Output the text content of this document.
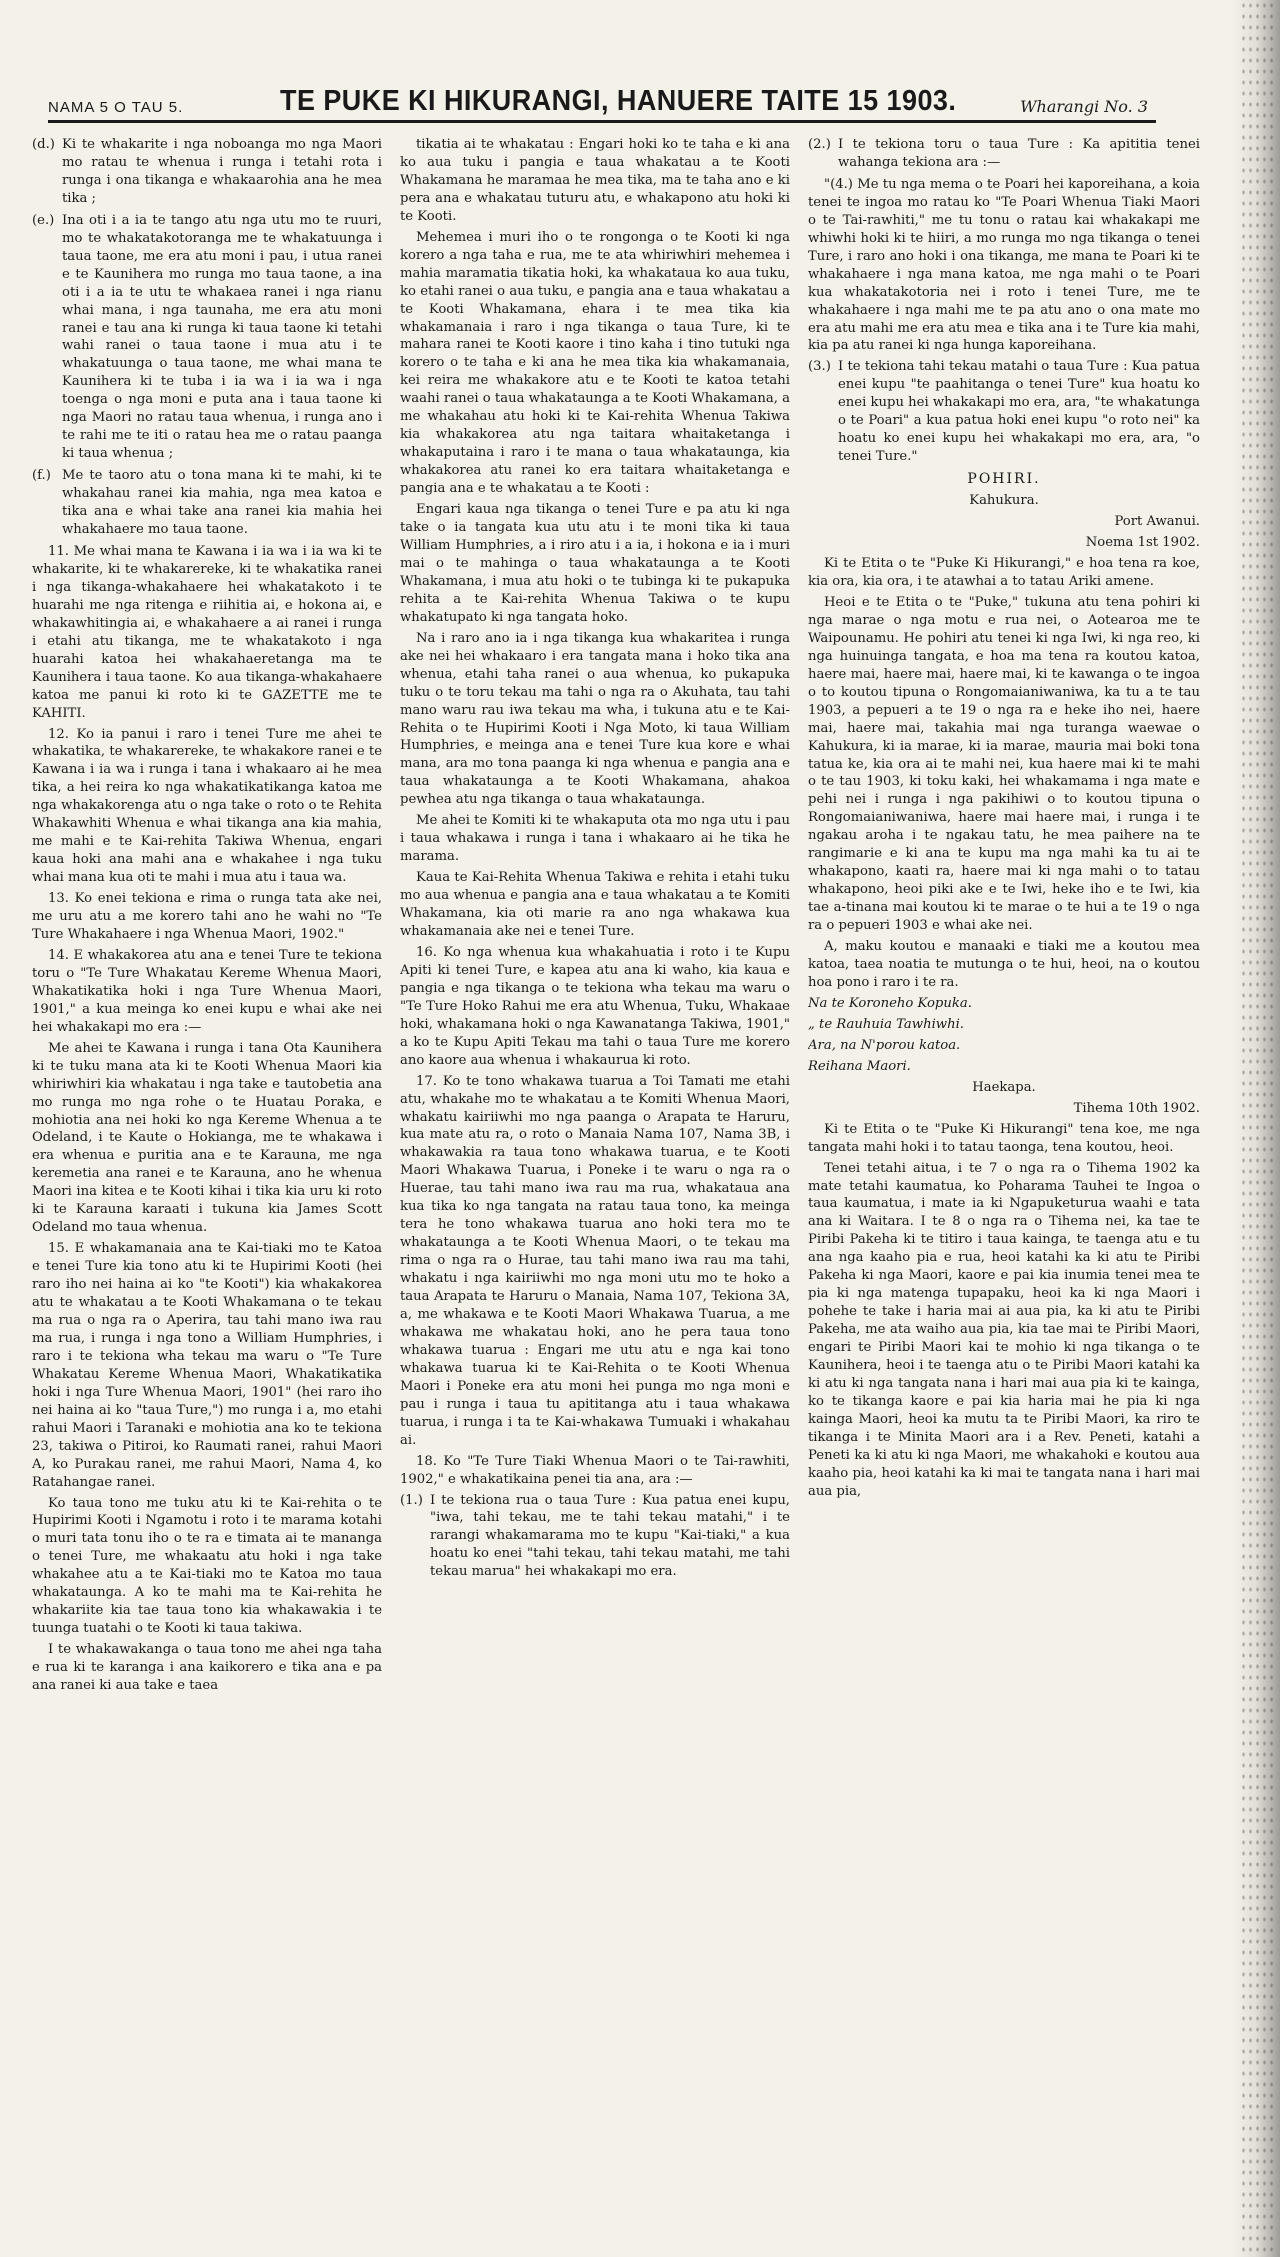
NAMA 5 O TAU 5.	TE PUKE KI HIKURANGI, HANUERE TAITE 15 1903.	Wharangi No. 3
(d.) Ki te whakarite i nga noboanga mo nga Maori mo ratau te whenua i runga i tetahi rota i runga i ona tikanga e whakaarohia ana he mea tika ;
(e.) Ina oti i a ia te tango atu nga utu mo te ruuri, mo te whakatakotoranga me te whakatuunga i taua taone, me era atu moni i pau, i utua ranei e te Kaunihera mo runga mo taua taone, a ina oti i a ia te utu te whakaea ranei i nga rianu whai mana, i nga taunaha, me era atu moni ranei e tau ana ki runga ki taua taone ki tetahi wahi ranei o taua taone i mua atu i te whakatuunga o taua taone, me whai mana te Kaunihera ki te tuba i ia wa i ia wa i nga toenga o nga moni e puta ana i taua taone ki nga Maori no ratau taua whenua, i runga ano i te rahi me te iti o ratau hea me o ratau paanga ki taua whenua ;
(f.) Me te taoro atu o tona mana ki te mahi, ki te whakahau ranei kia mahia, nga mea katoa e tika ana e whai take ana ranei kia mahia hei whakahaere mo taua taone.

11. Me whai mana te Kawana i ia wa i ia wa ki te whakarite, ki te whakarereke, ki te whakatika ranei i nga tikanga-whakahaere hei whakatakoto i te huarahi me nga ritenga e riihitia ai, e hokona ai, e whakawhitingia ai, e whakahaere a ai ranei i runga i etahi atu tikanga, me te whakatakoto i nga huarahi katoa hei whakahaeretanga ma te Kaunihera i taua taone. Ko aua tikanga-whakahaere katoa me panui ki roto ki te GAZETTE me te KAHITI.

12. Ko ia panui i raro i tenei Ture me ahei te whakatika, te whakarereke, te whakakore ranei e te Kawana i ia wa i runga i tana i whakaaro ai he mea tika, a hei reira ko nga whakatikatikanga katoa me nga whakakorenga atu o nga take o roto o te Rehita Whakawhiti Whenua e whai tikanga ana kia mahia, me mahi e te Kai-rehita Takiwa Whenua, engari kaua hoki ana mahi ana e whakahee i nga tuku whai mana kua oti te mahi i mua atu i taua wa.

13. Ko enei tekiona e rima o runga tata ake nei, me uru atu a me korero tahi ano he wahi no "Te Ture Whakahaere i nga Whenua Maori, 1902."

14. E whakakorea atu ana e tenei Ture te tekiona toru o "Te Ture Whakatau Kereme Whenua Maori, Whakatikatika hoki i nga Ture Whenua Maori, 1901," a kua meinga ko enei kupu e whai ake nei hei whakakapi mo era :—

Me ahei te Kawana i runga i tana Ota Kaunihera ki te tuku mana ata ki te Kooti Whenua Maori kia whiriwhiri kia whakatau i nga take e tautobetia ana mo runga mo nga rohe o te Huatau Poraka, e mohiotia ana nei hoki ko nga Kereme Whenua a te Odeland, i te Kaute o Hokianga, me te whakawa i era whenua e puritia ana e te Karauna, me nga keremetia ana ranei e te Karauna, ano he whenua Maori ina kitea e te Kooti kihai i tika kia uru ki roto ki te Karauna karaati i tukuna kia James Scott Odeland mo taua whenua.

15. E whakamanaia ana te Kai-tiaki mo te Katoa e tenei Ture kia tono atu ki te Hupirimi Kooti (hei raro iho nei haina ai ko "te Kooti") kia whakakorea atu te whakatau a te Kooti Whakamana o te tekau ma rua o nga ra o Aperira, tau tahi mano iwa rau ma rua, i runga i nga tono a William Humphries, i raro i te tekiona wha tekau ma waru o "Te Ture Whakatau Kereme Whenua Maori, Whakatikatika hoki i nga Ture Whenua Maori, 1901" (hei raro iho nei haina ai ko "taua Ture,") mo runga i a, mo etahi rahui Maori i Taranaki e mohiotia ana ko te tekiona 23, takiwa o Pitiroi, ko Raumati ranei, rahui Maori A, ko Purakau ranei, me rahui Maori, Nama 4, ko Ratahangae ranei.

Ko taua tono me tuku atu ki te Kai-rehita o te Hupirimi Kooti i Ngamotu i roto i te marama kotahi o muri tata tonu iho o te ra e timata ai te mananga o tenei Ture, me whakaatu atu hoki i nga take whakahee atu a te Kai-tiaki mo te Katoa mo taua whakataunga. A ko te mahi ma te Kai-rehita he whakariite kia tae taua tono kia whakawakia i te tuunga tuatahi o te Kooti ki taua takiwa.

I te whakawakanga o taua tono me ahei nga taha e rua ki te karanga i ana kaikorero e tika ana e pa ana ranei ki aua take e taea

tikatia ai te whakatau : Engari hoki ko te taha e ki ana ko aua tuku i pangia e taua whakatau a te Kooti Whakamana he maramaa he mea tika, ma te taha ano e ki pera ana e whakatau tuturu atu, e whakapono atu hoki ki te Kooti.

Mehemea i muri iho o te rongonga o te Kooti ki nga korero a nga taha e rua, me te ata whiriwhiri mehemea i mahia maramatia tikatia hoki, ka whakataua ko aua tuku, ko etahi ranei o aua tuku, e pangia ana e taua whakatau a te Kooti Whakamana, ehara i te mea tika kia whakamanaia i raro i nga tikanga o taua Ture, ki te mahara ranei te Kooti kaore i tino kaha i tino tutuki nga korero o te taha e ki ana he mea tika kia whakamanaia, kei reira me whakakore atu e te Kooti te katoa tetahi waahi ranei o taua whakataunga a te Kooti Whakamana, a me whakahau atu hoki ki te Kai-rehita Whenua Takiwa kia whakakorea atu nga taitara whaitaketanga i whakaputaina i raro i te mana o taua whakataunga, kia whakakorea atu ranei ko era taitara whaitaketanga e pangia ana e te whakatau a te Kooti :

Engari kaua nga tikanga o tenei Ture e pa atu ki nga take o ia tangata kua utu atu i te moni tika ki taua William Humphries, a i riro atu i a ia, i hokona e ia i muri mai o te mahinga o taua whakataunga a te Kooti Whakamana, i mua atu hoki o te tubinga ki te pukapuka rehita a te Kai-rehita Whenua Takiwa o te kupu whakatupato ki nga tangata hoko.

Na i raro ano ia i nga tikanga kua whakaritea i runga ake nei hei whakaaro i era tangata mana i hoko tika ana whenua, etahi taha ranei o aua whenua, ko pukapuka tuku o te toru tekau ma tahi o nga ra o Akuhata, tau tahi mano waru rau iwa tekau ma wha, i tukuna atu e te Kai-Rehita o te Hupirimi Kooti i Nga Moto, ki taua William Humphries, e meinga ana e tenei Ture kua kore e whai mana, ara mo tona paanga ki nga whenua e pangia ana e taua whakataunga a te Kooti Whakamana, ahakoa pewhea atu nga tikanga o taua whakataunga.

Me ahei te Komiti ki te whakaputa ota mo nga utu i pau i taua whakawa i runga i tana i whakaaro ai he tika he marama.

Kaua te Kai-Rehita Whenua Takiwa e rehita i etahi tuku mo aua whenua e pangia ana e taua whakatau a te Komiti Whakamana, kia oti marie ra ano nga whakawa kua whakamanaia ake nei e tenei Ture.

16. Ko nga whenua kua whakahuatia i roto i te Kupu Apiti ki tenei Ture, e kapea atu ana ki waho, kia kaua e pangia e nga tikanga o te tekiona wha tekau ma waru o "Te Ture Hoko Rahui me era atu Whenua, Tuku, Whakaae hoki, whakamana hoki o nga Kawanatanga Takiwa, 1901," a ko te Kupu Apiti Tekau ma tahi o taua Ture me korero ano kaore aua whenua i whakaurua ki roto.

17. Ko te tono whakawa tuarua a Toi Tamati me etahi atu, whakahe mo te whakatau a te Komiti Whenua Maori, whakatu kairiiwhi mo nga paanga o Arapata te Haruru, kua mate atu ra, o roto o Manaia Nama 107, Nama 3B, i whakawakia ra taua tono whakawa tuarua, e te Kooti Maori Whakawa Tuarua, i Poneke i te waru o nga ra o Huerae, tau tahi mano iwa rau ma rua, whakataua ana kua tika ko nga tangata na ratau taua tono, ka meinga tera he tono whakawa tuarua ano hoki tera mo te whakataunga a te Kooti Whenua Maori, o te tekau ma rima o nga ra o Hurae, tau tahi mano iwa rau ma tahi, whakatu i nga kairiiwhi mo nga moni utu mo te hoko a taua Arapata te Haruru o Manaia, Nama 107, Tekiona 3A, a, me whakawa e te Kooti Maori Whakawa Tuarua, a me whakawa me whakatau hoki, ano he pera taua tono whakawa tuarua : Engari me utu atu e nga kai tono whakawa tuarua ki te Kai-Rehita o te Kooti Whenua Maori i Poneke era atu moni hei punga mo nga moni e pau i runga i taua tu apititanga atu i taua whakawa tuarua, i runga i ta te Kai-whakawa Tumuaki i whakahau ai.

18. Ko "Te Ture Tiaki Whenua Maori o te Tai-rawhiti, 1902," e whakatikaina penei tia ana, ara :—

(1.) I te tekiona rua o taua Ture : Kua patua enei kupu, "iwa, tahi tekau, me te tahi tekau matahi," i te rarangi whakamarama mo te kupu "Kai-tiaki," a kua hoatu ko enei "tahi tekau, tahi tekau matahi, me tahi tekau marua" hei whakakapi mo era.
(2.) I te tekiona toru o taua Ture : Ka apititia tenei wahanga tekiona ara :—

"(4.) Me tu nga mema o te Poari hei kaporeihana, a koia tenei te ingoa mo ratau ko "Te Poari Whenua Tiaki Maori o te Tai-rawhiti," me tu tonu o ratau kai whakakapi me whiwhi hoki ki te hiiri, a mo runga mo nga tikanga o tenei Ture, i raro ano hoki i ona tikanga, me mana te Poari ki te whakahaere i nga mana katoa, me nga mahi o te Poari kua whakatakotoria nei i roto i tenei Ture, me te whakahaere i nga mahi me te pa atu ano o ona mate mo era atu mahi me era atu mea e tika ana i te Ture kia mahi, kia pa atu ranei ki nga hunga kaporeihana.

(3.) I te tekiona tahi tekau matahi o taua Ture : Kua patua enei kupu "te paahitanga o tenei Ture" kua hoatu ko enei kupu hei whakakapi mo era, ara, "te whakatunga o te Poari" a kua patua hoki enei kupu "o roto nei" ka hoatu ko enei kupu hei whakakapi mo era, ara, "o tenei Ture."

POHIRI.

Kahukura.

Port Awanui.

Noema 1st 1902.

Ki te Etita o te "Puke Ki Hikurangi," e hoa tena ra koe, kia ora, kia ora, i te atawhai a to tatau Ariki amene.

Heoi e te Etita o te "Puke," tukuna atu tena pohiri ki nga marae o nga motu e rua nei, o Aotearoa me te Waipounamu. He pohiri atu tenei ki nga Iwi, ki nga reo, ki nga huinuinga tangata, e hoa ma tena ra koutou katoa, haere mai, haere mai, haere mai, ki te kawanga o te ingoa o to koutou tipuna o Rongomaianiwaniwa, ka tu a te tau 1903, a pepueri a te 19 o nga ra e heke iho nei, haere mai, haere mai, takahia mai nga turanga waewae o Kahukura, ki ia marae, ki ia marae, mauria mai boki tona tatua ke, kia ora ai te mahi nei, kua haere mai ki te mahi o te tau 1903, ki toku kaki, hei whakamama i nga mate e pehi nei i runga i nga pakihiwi o to koutou tipuna o Rongomaianiwaniwa, haere mai haere mai, i runga i te ngakau aroha i te ngakau tatu, he mea paihere na te rangimarie e ki ana te kupu ma nga mahi ka tu ai te whakapono, kaati ra, haere mai ki nga mahi o to tatau whakapono, heoi piki ake e te Iwi, heke iho e te Iwi, kia tae a-tinana mai koutou ki te marae o te hui a te 19 o nga ra o pepueri 1903 e whai ake nei.

A, maku koutou e manaaki e tiaki me a koutou mea katoa, taea noatia te mutunga o te hui, heoi, na o koutou hoa pono i raro i te ra.

Na te Koroneho Kopuka.

„ te Rauhuia Tawhiwhi.

Ara, na N'porou katoa.

Reihana Maori.

Haekapa.

Tihema 10th 1902.

Ki te Etita o te "Puke Ki Hikurangi" tena koe, me nga tangata mahi hoki i to tatau taonga, tena koutou, heoi.

Tenei tetahi aitua, i te 7 o nga ra o Tihema 1902 ka mate tetahi kaumatua, ko Poharama Tauhei te Ingoa o taua kaumatua, i mate ia ki Ngapuketurua waahi e tata ana ki Waitara. I te 8 o nga ra o Tihema nei, ka tae te Piribi Pakeha ki te titiro i taua kainga, te taenga atu e tu ana nga kaaho pia e rua, heoi katahi ka ki atu te Piribi Pakeha ki nga Maori, kaore e pai kia inumia tenei mea te pia ki nga matenga tupapaku, heoi ka ki nga Maori i pohehe te take i haria mai ai aua pia, ka ki atu te Piribi Pakeha, me ata waiho aua pia, kia tae mai te Piribi Maori, engari te Piribi Maori kai te mohio ki nga tikanga o te Kaunihera, heoi i te taenga atu o te Piribi Maori katahi ka ki atu ki nga tangata nana i hari mai aua pia ki te kainga, ko te tikanga kaore e pai kia haria mai he pia ki nga kainga Maori, heoi ka mutu ta te Piribi Maori, ka riro te tikanga i te Minita Maori ara i a Rev. Peneti, katahi a Peneti ka ki atu ki nga Maori, me whakahoki e koutou aua kaaho pia, heoi katahi ka ki mai te tangata nana i hari mai aua pia,
